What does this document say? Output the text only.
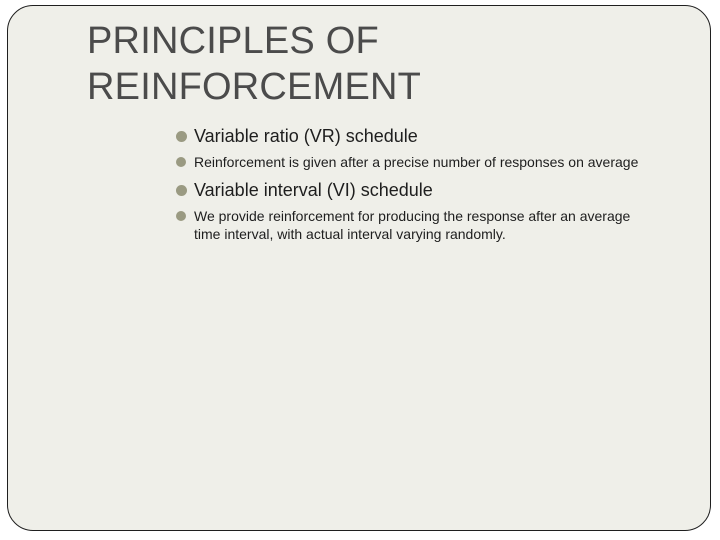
PRINCIPLES OF REINFORCEMENT
Variable ratio (VR) schedule
Reinforcement is given after a precise number of responses on average
Variable interval (VI) schedule
We provide reinforcement for producing the response after an average time interval, with actual interval varying randomly.
